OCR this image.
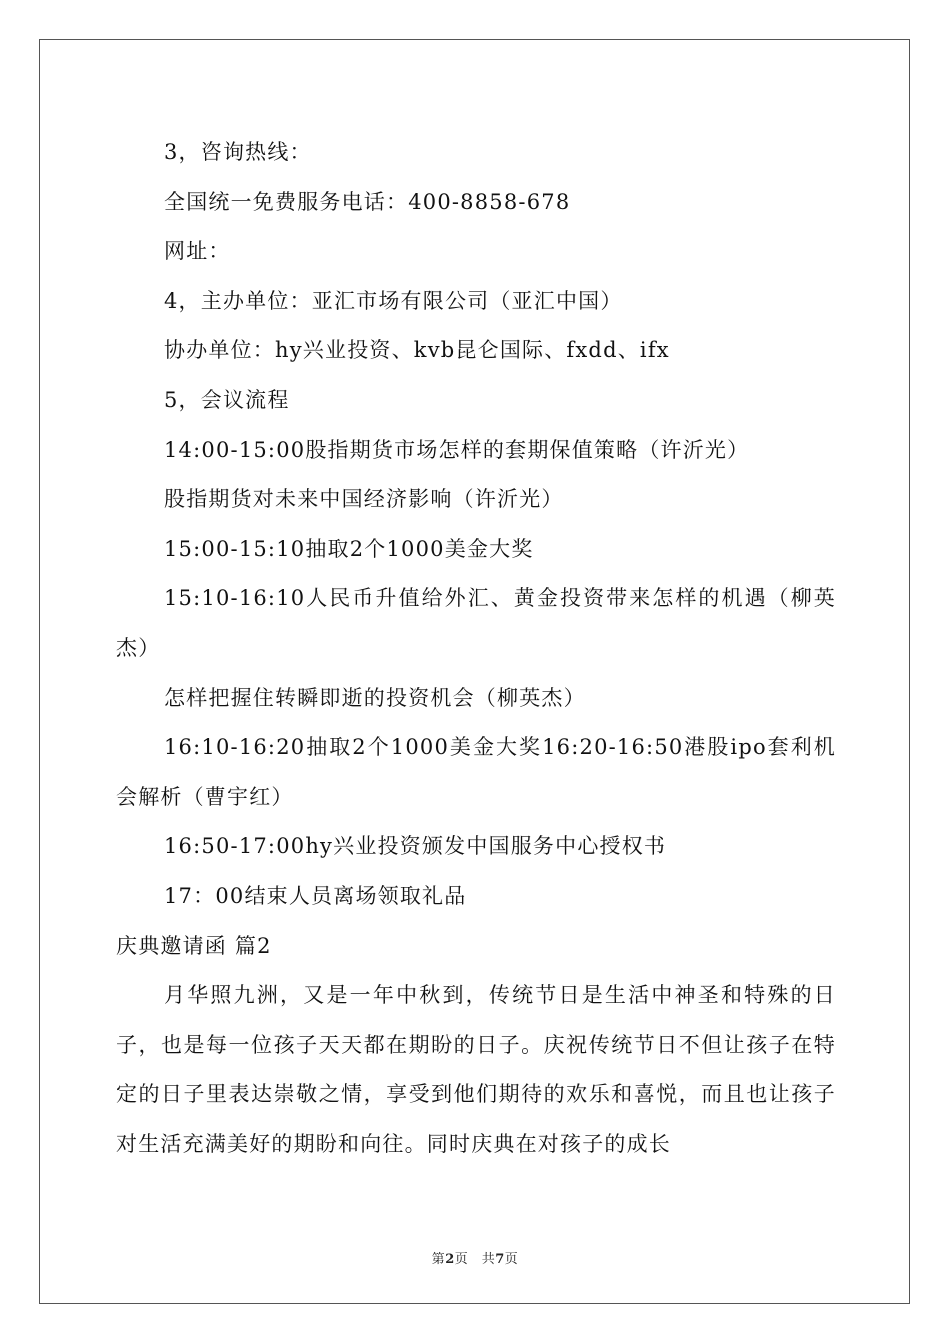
3，咨询热线：

全国统一免费服务电话：400-8858-678

网址：

4，主办单位：亚汇市场有限公司（亚汇中国）

协办单位：hy兴业投资、kvb昆仑国际、fxdd、ifx

5，会议流程

14:00-15:00股指期货市场怎样的套期保值策略（许沂光）

股指期货对未来中国经济影响（许沂光）

15:00-15:10抽取2个1000美金大奖

15:10-16:10人民币升值给外汇、黄金投资带来怎样的机遇（柳英杰）

怎样把握住转瞬即逝的投资机会（柳英杰）

16:10-16:20抽取2个1000美金大奖16:20-16:50港股ipo套利机会解析（曹宇红）

16:50-17:00hy兴业投资颁发中国服务中心授权书

17：00结束人员离场领取礼品

庆典邀请函 篇2

月华照九洲，又是一年中秋到，传统节日是生活中神圣和特殊的日子，也是每一位孩子天天都在期盼的日子。庆祝传统节日不但让孩子在特定的日子里表达崇敬之情，享受到他们期待的欢乐和喜悦，而且也让孩子对生活充满美好的期盼和向往。同时庆典在对孩子的成长

第2页　共7页
